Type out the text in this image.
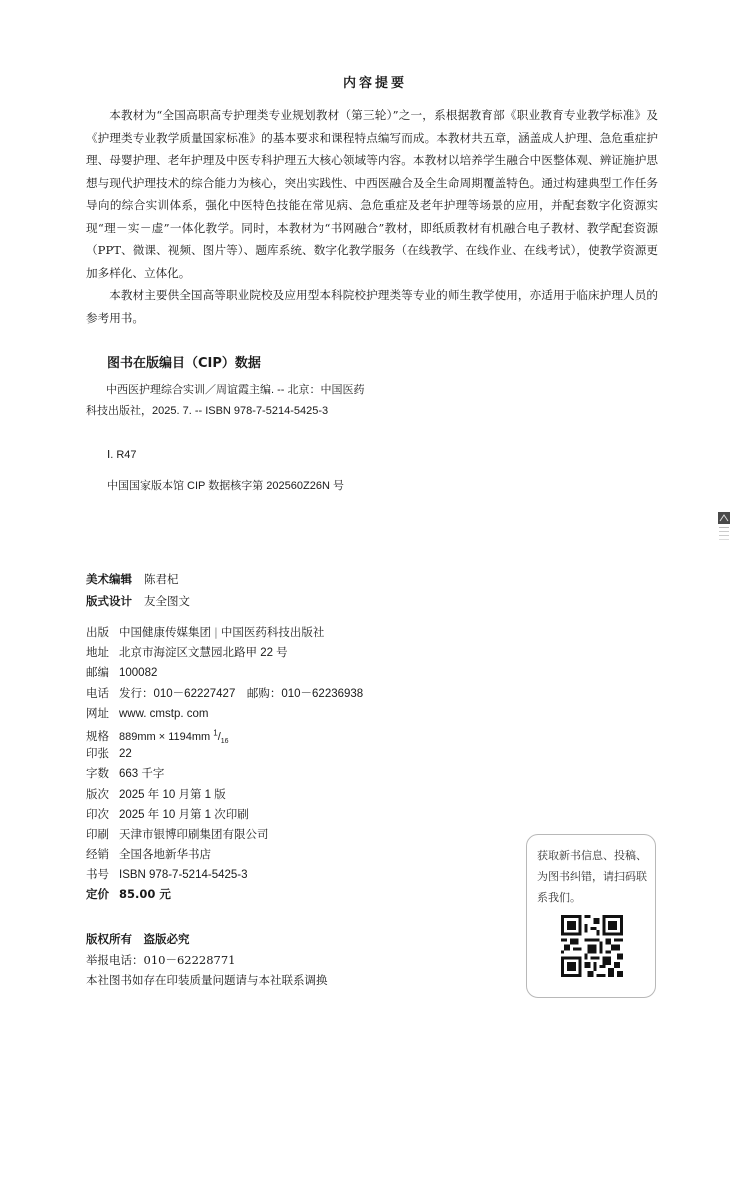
内容提要

本教材为“全国高职高专护理类专业规划教材（第三轮）”之一，系根据教育部《职业教育专业教学标准》及《护理类专业教学质量国家标准》的基本要求和课程特点编写而成。本教材共五章，涵盖成人护理、急危重症护理、母婴护理、老年护理及中医专科护理五大核心领域等内容。本教材以培养学生融合中医整体观、辨证施护思想与现代护理技术的综合能力为核心，突出实践性、中西医融合及全生命周期覆盖特色。通过构建典型工作任务导向的综合实训体系，强化中医特色技能在常见病、急危重症及老年护理等场景的应用，并配套数字化资源实现“理－实－虚”一体化教学。同时，本教材为“书网融合”教材，即纸质教材有机融合电子教材、教学配套资源（PPT、微课、视频、图片等）、题库系统、数字化教学服务（在线教学、在线作业、在线考试），使教学资源更加多样化、立体化。

本教材主要供全国高等职业院校及应用型本科院校护理类等专业的师生教学使用，亦适用于临床护理人员的参考用书。

图书在版编目（CIP）数据
中西医护理综合实训／周谊霞主编. -- 北京：中国医药科技出版社，2025. 7. -- ISBN 978-7-5214-5425-3
Ⅰ. R47
中国国家版本馆 CIP 数据核字第 202560Z26N 号
美术编辑 陈君杞
版式设计 友全图文
出版 中国健康传媒集团 | 中国医药科技出版社
地址 北京市海淀区文慧园北路甲 22 号
邮编 100082
电话 发行：010－62227427　邮购：010－62236938
网址 www. cmstp. com
规格 889mm × 1194mm $^1/_{16}$
印张 22
字数 663 千字
版次 2025 年 10 月第 1 版
印次 2025 年 10 月第 1 次印刷
印刷 天津市银博印刷集团有限公司
经销 全国各地新华书店
书号 ISBN 978-7-5214-5425-3
定价 85.00 元
版权所有　盗版必究
举报电话：010－62228771
本社图书如存在印装质量问题请与本社联系调换
获取新书信息、投稿、为图书纠错，请扫码联系我们。
